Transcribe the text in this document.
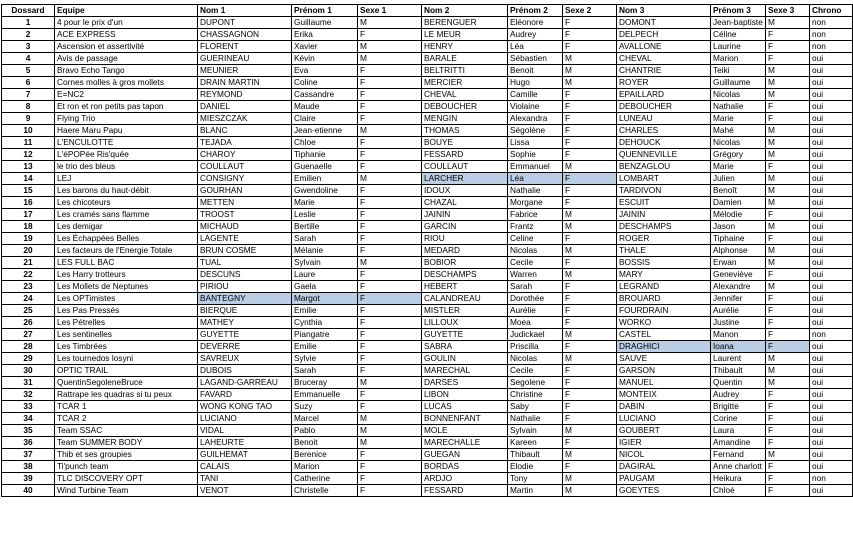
Dossard	Equipe	Nom 1	Prénom 1	Sexe 1	Nom 2	Prénom 2	Sexe 2	Nom 3	Prénom 3	Sexe 3	Chrono
1	4 pour le prix d'un	DUPONT	Guillaume	M	BERENGUER	Eléonore	F	DOMONT	Jean-baptiste	M	non
2	ACE EXPRESS	CHASSAGNON	Erika	F	LE MEUR	Audrey	F	DELPECH	Céline	F	non
3	Ascension et assertivité	FLORENT	Xavier	M	HENRY	Léa	F	AVALLONE	Laurine	F	non
4	Avis de passage	GUERINEAU	Kévin	M	BARALE	Sébastien	M	CHEVAL	Marion	F	oui
5	Bravo Echo Tango	MEUNIER	Eva	F	BELTRITTI	Benoit	M	CHANTRIE	Teiki	M	oui
6	Cornes molles à gros mollets	DRAIN MARTIN	Coline	F	MERCIER	Hugo	M	ROYER	Guillaume	M	oui
7	E=NC2	REYMOND	Cassandre	F	CHEVAL	Camille	F	EPAILLARD	Nicolas	M	oui
8	Et ron et ron petits pas tapon	DANIEL	Maude	F	DEBOUCHER	Violaine	F	DEBOUCHER	Nathalie	F	oui
9	Flying Trio	MIESZCZAK	Claire	F	MENGIN	Alexandra	F	LUNEAU	Marie	F	oui
10	Haere Maru Papu	BLANC	Jean-etienne	M	THOMAS	Ségolène	F	CHARLES	Mahé	M	oui
11	L'ENCULOTTE	TEJADA	Chloe	F	BOUYE	Lissa	F	DEHOUCK	Nicolas	M	oui
12	L'éPOPée Ris'quée	CHAROY	Tiphanie	F	FESSARD	Sophie	F	QUENNEVILLE	Grégory	M	oui
13	le trio des bleus	COULLAUT	Guenaelle	F	COULLAUT	Emmanuel	M	BENZAGLOU	Marie	F	oui
14	LEJ	CONSIGNY	Emilien	M	LARCHER	Léa	F	LOMBART	Julien	M	oui
15	Les barons du haut-débit	GOURHAN	Gwendoline	F	IDOUX	Nathalie	F	TARDIVON	Benoît	M	oui
16	Les chicoteurs	METTEN	Marie	F	CHAZAL	Morgane	F	ESCUIT	Damien	M	oui
17	Les cramés sans flamme	TROOST	Leslie	F	JAININ	Fabrice	M	JAININ	Mélodie	F	oui
18	Les demigar	MICHAUD	Bertille	F	GARCIN	Frantz	M	DESCHAMPS	Jason	M	oui
19	Les Échappées Belles	LAGENTE	Sarah	F	RIOU	Celine	F	ROGER	Tiphaine	F	oui
20	Les facteurs de l'Energie Totale	BRUN COSME	Mélanie	F	MEDARD	Nicolas	M	THALE	Alphonse	M	oui
21	LES FULL BAC	TUAL	Sylvain	M	BOBIOR	Cecile	F	BOSSIS	Erwan	M	oui
22	Les Harry trotteurs	DESCUNS	Laure	F	DESCHAMPS	Warren	M	MARY	Geneviève	F	oui
23	Les Mollets de Neptunes	PIRIOU	Gaela	F	HEBERT	Sarah	F	LEGRAND	Alexandre	M	oui
24	Les OPTimistes	BANTEGNY	Margot	F	CALANDREAU	Dorothée	F	BROUARD	Jennifer	F	oui
25	Les Pas Pressés	BIERQUE	Emilie	F	MISTLER	Aurélie	F	FOURDRAIN	Aurélie	F	oui
26	Les Pétrelles	MATHEY	Cynthia	F	LILLOUX	Moea	F	WORKO	Justine	F	oui
27	Les sentinelles	GUYETTE	Piangatre	F	GUYETTE	Judickael	M	CASTEL	Manon	F	non
28	Les Timbrées	DEVERRE	Emilie	F	SABRA	Priscilla	F	DRAGHICI	Ioana	F	oui
29	Les tournedos losyni	SAVREUX	Sylvie	F	GOULIN	Nicolas	M	SAUVE	Laurent	M	oui
30	OPTIC TRAIL	DUBOIS	Sarah	F	MARECHAL	Cecile	F	GARSON	Thibault	M	oui
31	QuentinSegoleneBruce	LAGAND-GARREAU	Bruceray	M	DARSES	Segolene	F	MANUEL	Quentin	M	oui
32	Rattrape les quadras si tu peux	FAVARD	Emmanuelle	F	LIBON	Christine	F	MONTEIX	Audrey	F	oui
33	TCAR 1	WONG KONG TAO	Suzy	F	LUCAS	Saby	F	DABIN	Brigitte	F	oui
34	TCAR 2	LUCIANO	Marcel	M	BONNENFANT	Nathalie	F	LUCIANO	Corine	F	oui
35	Team SSAC	VIDAL	Pablo	M	MOLE	Sylvain	M	GOUBERT	Laura	F	oui
36	Team SUMMER BODY	LAHEURTE	Benoit	M	MARECHALLE	Kareen	F	IGIER	Amandine	F	oui
37	Thib et ses groupies	GUILHEMAT	Berenice	F	GUEGAN	Thibault	M	NICOL	Fernand	M	oui
38	Ti'punch team	CALAIS	Marion	F	BORDAS	Elodie	F	DAGIRAL	Anne charlott	F	oui
39	TLC DISCOVERY OPT	TANI	Catherine	F	ARDJO	Tony	M	PAUGAM	Heikura	F	non
40	Wind Turbine Team	VENOT	Christelle	F	FESSARD	Martin	M	GOEYTES	Chloé	F	oui
